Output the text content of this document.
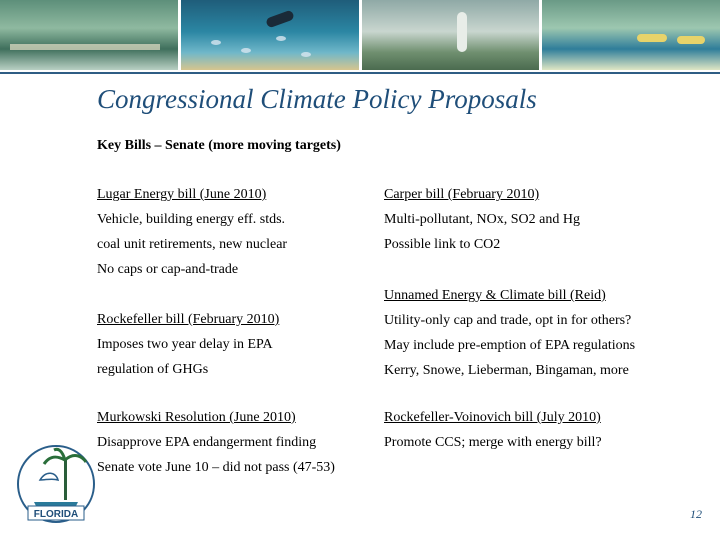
Congressional Climate Policy Proposals

Key Bills – Senate (more moving targets)

Lugar Energy bill (June 2010)

Vehicle, building energy eff. stds.

coal unit retirements, new nuclear

No caps or cap-and-trade

Rockefeller bill (February 2010)

Imposes two year delay in EPA

regulation of GHGs

Murkowski Resolution (June 2010)

Disapprove EPA endangerment finding

Senate vote June 10 – did not pass (47-53)

Carper bill (February 2010)

Multi-pollutant, NOx, SO2 and Hg

Possible link to CO2

Unnamed Energy & Climate bill (Reid)

Utility-only cap and trade, opt in for others?

May include pre-emption of EPA regulations

Kerry, Snowe, Lieberman, Bingaman, more

Rockefeller-Voinovich bill (July 2010)

Promote CCS; merge with energy bill?

FLORIDA	12
